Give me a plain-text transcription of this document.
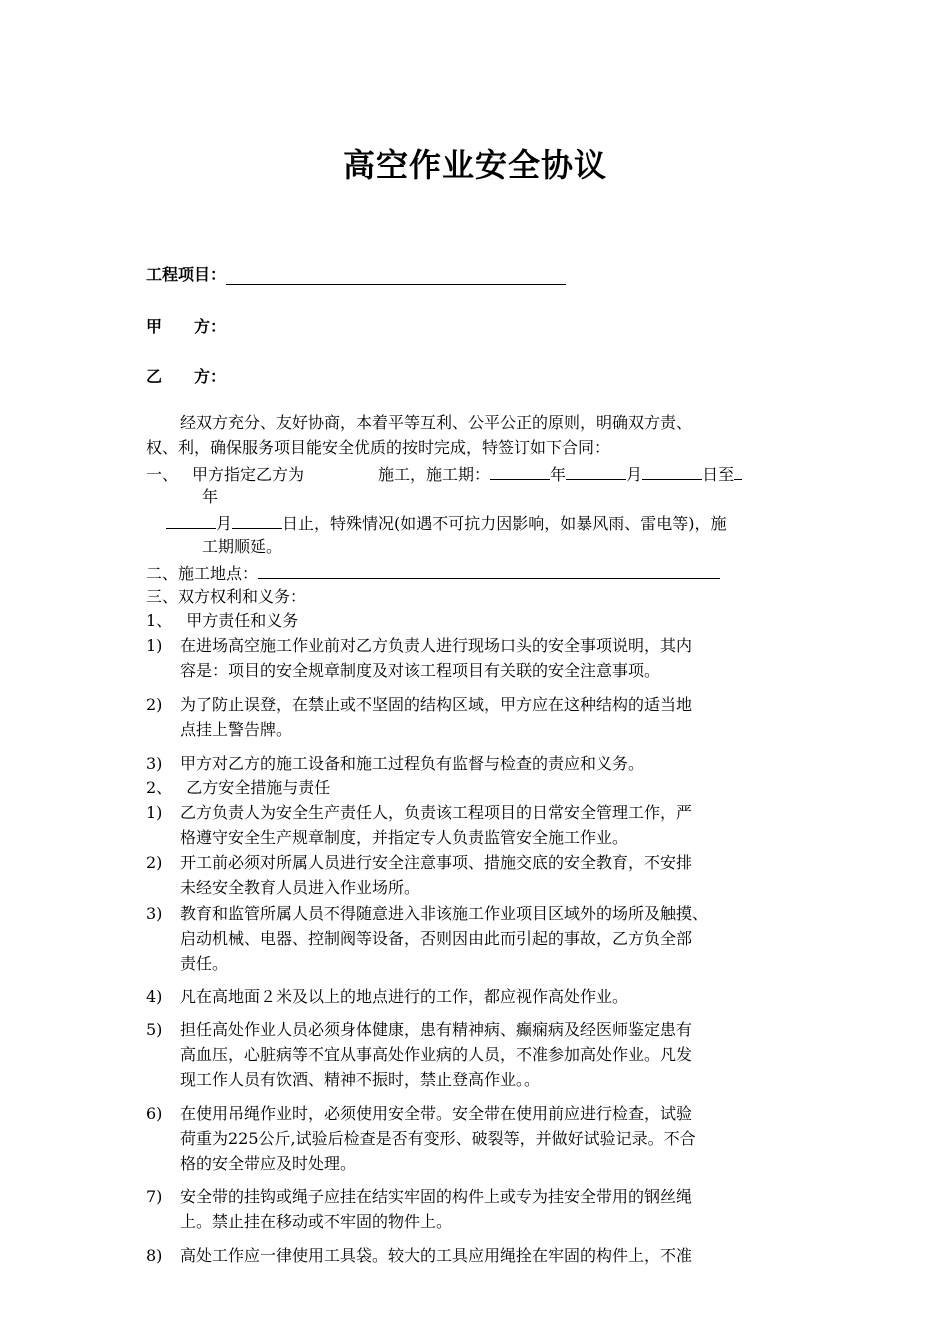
高空作业安全协议
工程项目：
甲　　方：
乙　　方：
经双方充分、友好协商，本着平等互利、公平公正的原则，明确双方责、
权、利，确保服务项目能安全优质的按时完成，特签订如下合同：
一、 甲方指定乙方为	施工，施工期：	年	月	日至
年
月	日止，特殊情况(如遇不可抗力因影响，如暴风雨、雷电等)，施
工期顺延。
二、施工地点：
三、双方权利和义务：
1、 甲方责任和义务
1) 在进场高空施工作业前对乙方负责人进行现场口头的安全事项说明，其内
容是：项目的安全规章制度及对该工程项目有关联的安全注意事项。
2) 为了防止误登，在禁止或不坚固的结构区域，甲方应在这种结构的适当地
点挂上警告牌。
3) 甲方对乙方的施工设备和施工过程负有监督与检查的责应和义务。
2、 乙方安全措施与责任
1) 乙方负责人为安全生产责任人，负责该工程项目的日常安全管理工作，严
格遵守安全生产规章制度，并指定专人负责监管安全施工作业。
2) 开工前必须对所属人员进行安全注意事项、措施交底的安全教育，不安排
未经安全教育人员进入作业场所。
3) 教育和监管所属人员不得随意进入非该施工作业项目区域外的场所及触摸、
启动机械、电器、控制阀等设备，否则因由此而引起的事故，乙方负全部
责任。
4) 凡在高地面２米及以上的地点进行的工作，都应视作高处作业。
5) 担任高处作业人员必须身体健康，患有精神病、癫痫病及经医师鉴定患有
高血压，心脏病等不宜从事高处作业病的人员，不准参加高处作业。凡发
现工作人员有饮酒、精神不振时，禁止登高作业。。
6) 在使用吊绳作业时，必须使用安全带。安全带在使用前应进行检查，试验
荷重为225公斤,试验后检查是否有变形、破裂等，并做好试验记录。不合
格的安全带应及时处理。
7) 安全带的挂钩或绳子应挂在结实牢固的构件上或专为挂安全带用的钢丝绳
上。禁止挂在移动或不牢固的物件上。
8) 高处工作应一律使用工具袋。较大的工具应用绳拴在牢固的构件上，不准
